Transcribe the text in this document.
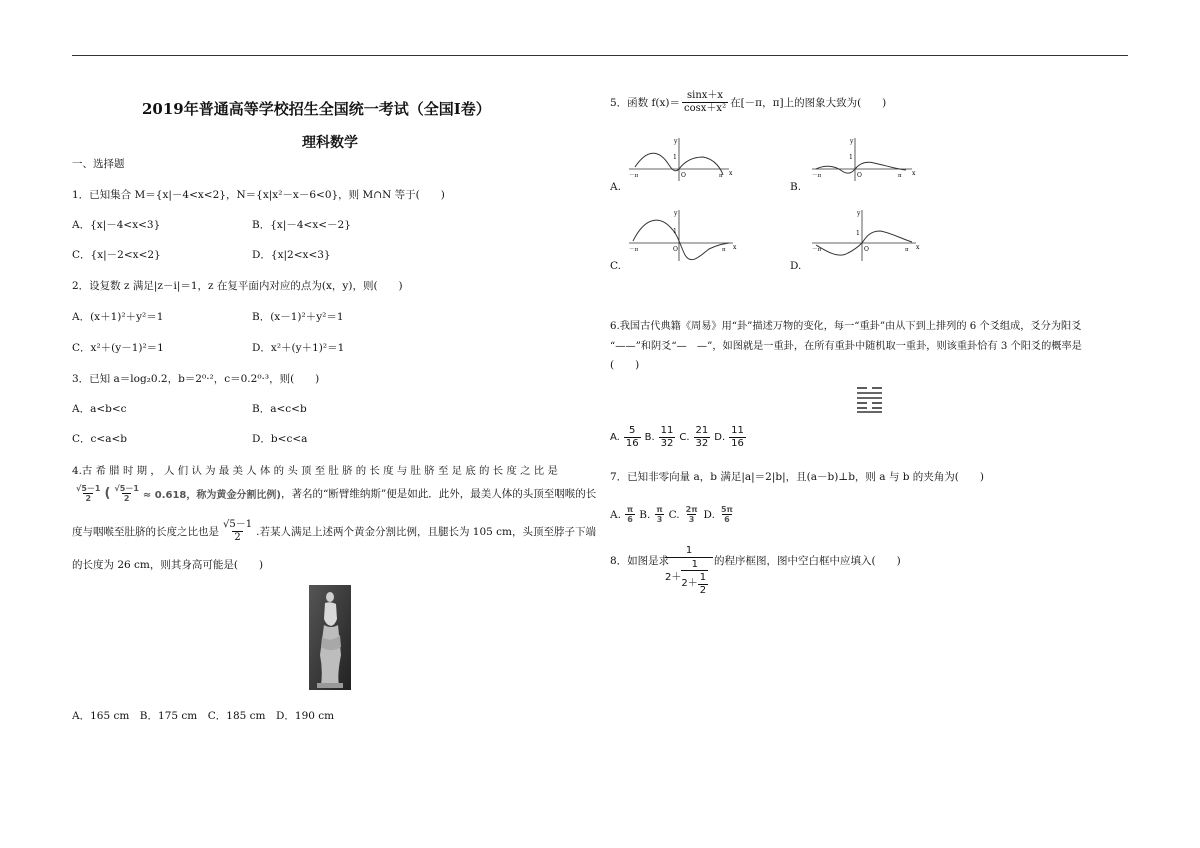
2019年普通高等学校招生全国统一考试（全国Ⅰ卷）
理科数学
一、选择题
1．已知集合 M＝{x|－4<x<2}，N＝{x|x²－x－6<0}，则 M∩N 等于(　　)
A．{x|－4<x<3}	B．{x|－4<x<－2}
C．{x|－2<x<2}	D．{x|2<x<3}
2．设复数 z 满足|z－i|＝1，z 在复平面内对应的点为(x，y)，则(　　)
A．(x＋1)²＋y²＝1	B．(x－1)²＋y²＝1
C．x²＋(y－1)²＝1	D．x²＋(y＋1)²＝1
3．已知 a＝log₂0.2，b＝2⁰·²，c＝0.2⁰·³，则(　　)
A．a<b<c	B．a<c<b
C．c<a<b	D．b<c<a
4.古 希 腊 时 期 ， 人 们 认 为 最 美 人 体 的 头 顶 至 肚 脐 的 长 度 与 肚 脐 至 足 底 的 长 度 之 比 是
$\frac{√5-1}{2}$ ( $\frac{√5-1}{2} \approx 0.618$，称为黄金分割比例) ，著名的“断臂维纳斯”便是如此．此外，最美人体的头顶至咽喉的长
度与咽喉至肚脐的长度之比也是 $\frac{√5-1}{2}$ .若某人满足上述两个黄金分割比例，且腿长为 105 cm，头顶至脖子下端
的长度为 26 cm，则其身高可能是(　　)
A．165 cm　B．175 cm　C．185 cm　D．190 cm
5．函数 $f(x)= \frac{\sin x+x}{\text{cosx＋x²}}$ 在[－π，π]上的图象大致为(　　)
y
x
O
1
－π	π
A.
y
x
O
1
－π	π
B.
y
x
O
1
－π	π
C.
y
x
O
1
－π	π
D.
6.我国古代典籍《周易》用“卦”描述万物的变化，每一“重卦”由从下到上排列的 6 个爻组成，爻分为阳爻
“——”和阴爻“—　—”，如图就是一重卦，在所有重卦中随机取一重卦，则该重卦恰有 3 个阳爻的概率是
(　　)
A. $\frac{5}{16} B$. $\frac{11}{32} C$. $\frac{21}{32} D$. $\frac{11}{16}$
7．已知非零向量 a，b 满足|a|＝2|b|，且(a－b)⊥b，则 a 与 b 的夹角为(　　)
A. $\frac{\pi}{6} B$. $\frac{\pi}{3} C$. $\frac{2\pi}{3} D$. $\frac{5\pi}{6}$
8．如图是求
1
2＋
1
$2+ \frac{1}{2}$
的程序框图，图中空白框中应填入(　　)
